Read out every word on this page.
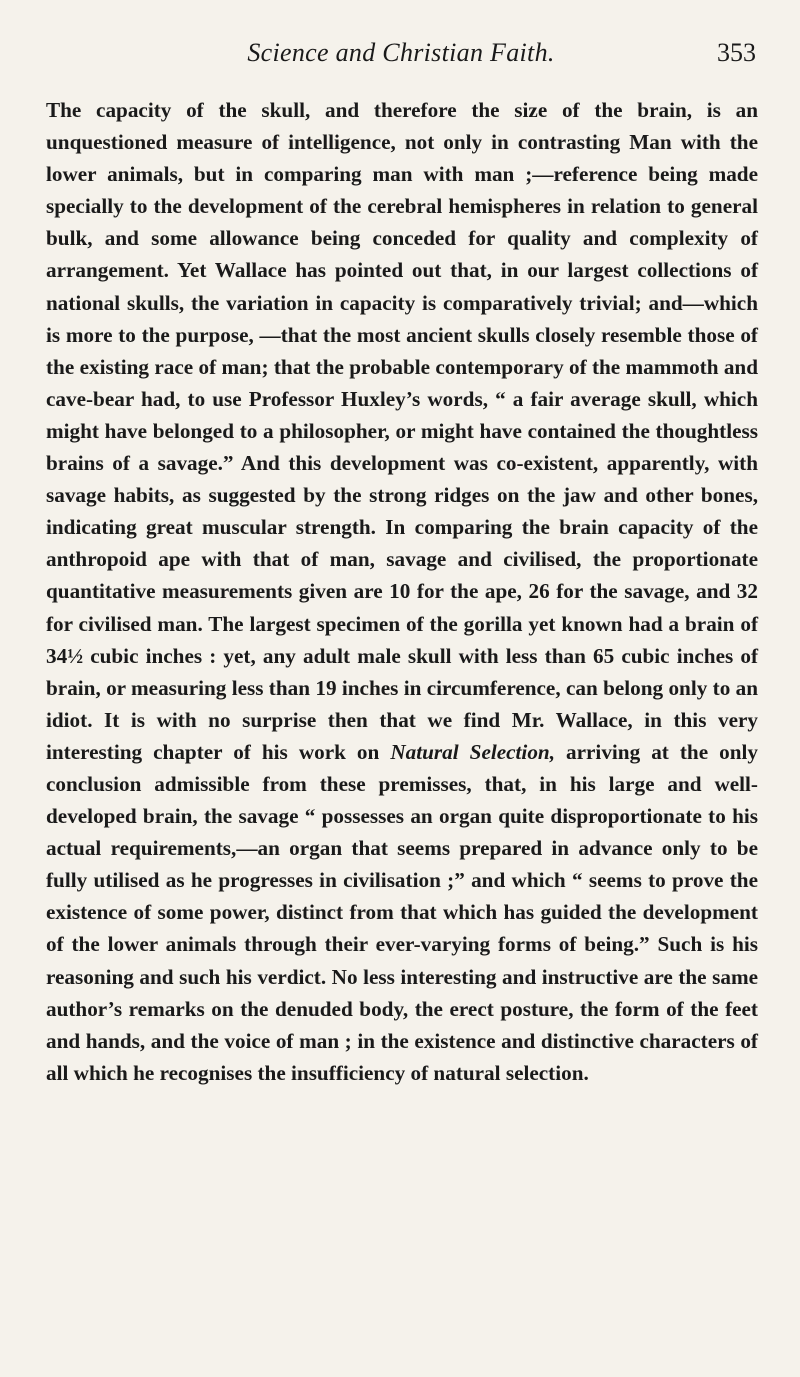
Science and Christian Faith.	353

The capacity of the skull, and therefore the size of the brain, is an unquestioned measure of intelligence, not only in contrasting Man with the lower animals, but in comparing man with man ;—reference being made specially to the development of the cerebral hemispheres in relation to general bulk, and some allowance being conceded for quality and complexity of arrangement. Yet Wallace has pointed out that, in our largest collections of national skulls, the variation in capacity is comparatively trivial; and—which is more to the purpose, —that the most ancient skulls closely resemble those of the existing race of man; that the probable contemporary of the mammoth and cave-bear had, to use Professor Huxley’s words, “ a fair average skull, which might have belonged to a philosopher, or might have contained the thoughtless brains of a savage.” And this development was co-existent, apparently, with savage habits, as suggested by the strong ridges on the jaw and other bones, indicating great muscular strength. In comparing the brain capacity of the anthropoid ape with that of man, savage and civilised, the proportionate quantitative measurements given are 10 for the ape, 26 for the savage, and 32 for civilised man. The largest specimen of the gorilla yet known had a brain of 34½ cubic inches : yet, any adult male skull with less than 65 cubic inches of brain, or measuring less than 19 inches in circumference, can belong only to an idiot. It is with no surprise then that we find Mr. Wallace, in this very interesting chapter of his work on Natural Selection, arriving at the only conclusion admissible from these premisses, that, in his large and well-developed brain, the savage “ possesses an organ quite disproportionate to his actual requirements,—an organ that seems prepared in advance only to be fully utilised as he progresses in civilisation ;” and which “ seems to prove the existence of some power, distinct from that which has guided the development of the lower animals through their ever-varying forms of being.” Such is his reasoning and such his verdict. No less interesting and instructive are the same author’s remarks on the denuded body, the erect posture, the form of the feet and hands, and the voice of man ; in the existence and distinctive characters of all which he recognises the insufficiency of natural selection.
